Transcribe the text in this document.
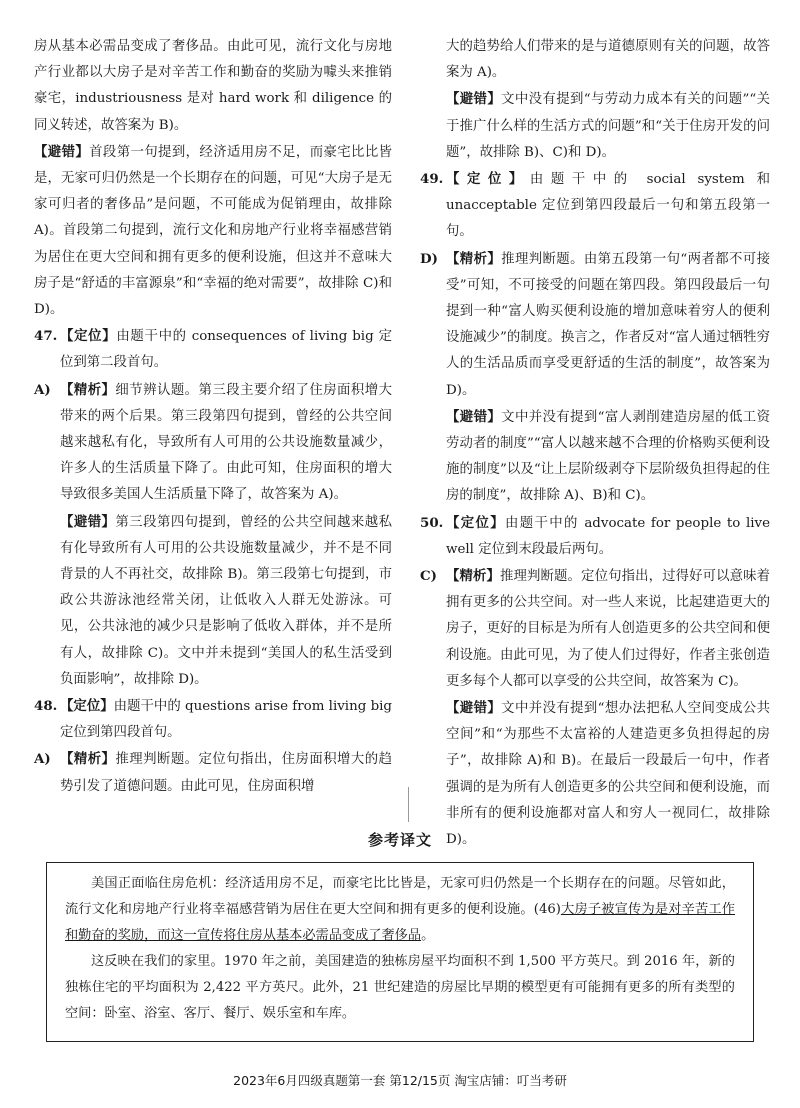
房从基本必需品变成了奢侈品。由此可见，流行文化与房地产行业都以大房子是对辛苦工作和勤奋的奖励为噱头来推销豪宅，industriousness 是对 hard work 和 diligence 的同义转述，故答案为 B)。

【避错】首段第一句提到，经济适用房不足，而豪宅比比皆是，无家可归仍然是一个长期存在的问题，可见“大房子是无家可归者的奢侈品”是问题，不可能成为促销理由，故排除 A)。首段第二句提到，流行文化和房地产行业将幸福感营销为居住在更大空间和拥有更多的便利设施，但这并不意味大房子是“舒适的丰富源泉”和“幸福的绝对需要”，故排除 C)和 D)。

47. 【定位】由题干中的 consequences of living big 定位到第二段首句。
A) 【精析】细节辨认题。第三段主要介绍了住房面积增大带来的两个后果。第三段第四句提到，曾经的公共空间越来越私有化，导致所有人可用的公共设施数量减少，许多人的生活质量下降了。由此可知，住房面积的增大导致很多美国人生活质量下降了，故答案为 A)。

【避错】第三段第四句提到，曾经的公共空间越来越私有化导致所有人可用的公共设施数量减少，并不是不同背景的人不再社交，故排除 B)。第三段第七句提到，市政公共游泳池经常关闭，让低收入人群无处游泳。可见，公共泳池的减少只是影响了低收入群体，并不是所有人，故排除 C)。文中并未提到“美国人的私生活受到负面影响”，故排除 D)。

48. 【定位】由题干中的 questions arise from living big 定位到第四段首句。
A) 【精析】推理判断题。定位句指出，住房面积增大的趋势引发了道德问题。由此可见，住房面积增

大的趋势给人们带来的是与道德原则有关的问题，故答案为 A)。

【避错】文中没有提到“与劳动力成本有关的问题”“关于推广什么样的生活方式的问题”和“关于住房开发的问题”，故排除 B)、C)和 D)。

49. 【定位】由题干中的 social system 和 unacceptable 定位到第四段最后一句和第五段第一句。
D) 【精析】推理判断题。由第五段第一句“两者都不可接受”可知，不可接受的问题在第四段。第四段最后一句提到一种“富人购买便利设施的增加意味着穷人的便利设施减少”的制度。换言之，作者反对“富人通过牺牲穷人的生活品质而享受更舒适的生活的制度”，故答案为 D)。

【避错】文中并没有提到“富人剥削建造房屋的低工资劳动者的制度”“富人以越来越不合理的价格购买便利设施的制度”以及“让上层阶级剥夺下层阶级负担得起的住房的制度”，故排除 A)、B)和 C)。

50. 【定位】由题干中的 advocate for people to live well 定位到末段最后两句。
C) 【精析】推理判断题。定位句指出，过得好可以意味着拥有更多的公共空间。对一些人来说，比起建造更大的房子，更好的目标是为所有人创造更多的公共空间和便利设施。由此可见，为了使人们过得好，作者主张创造更多每个人都可以享受的公共空间，故答案为 C)。

【避错】文中并没有提到“想办法把私人空间变成公共空间”和“为那些不太富裕的人建造更多负担得起的房子”，故排除 A)和 B)。在最后一段最后一句中，作者强调的是为所有人创造更多的公共空间和便利设施，而非所有的便利设施都对富人和穷人一视同仁，故排除 D)。

参考译文

美国正面临住房危机：经济适用房不足，而豪宅比比皆是，无家可归仍然是一个长期存在的问题。尽管如此，流行文化和房地产行业将幸福感营销为居住在更大空间和拥有更多的便利设施。(46)大房子被宣传为是对辛苦工作和勤奋的奖励，而这一宣传将住房从基本必需品变成了奢侈品。

这反映在我们的家里。1970 年之前，美国建造的独栋房屋平均面积不到 1,500 平方英尺。到 2016 年，新的独栋住宅的平均面积为 2,422 平方英尺。此外，21 世纪建造的房屋比早期的模型更有可能拥有更多的所有类型的空间：卧室、浴室、客厅、餐厅、娱乐室和车库。

2023年6月四级真题第一套 第12/15页 淘宝店铺：叮当考研
